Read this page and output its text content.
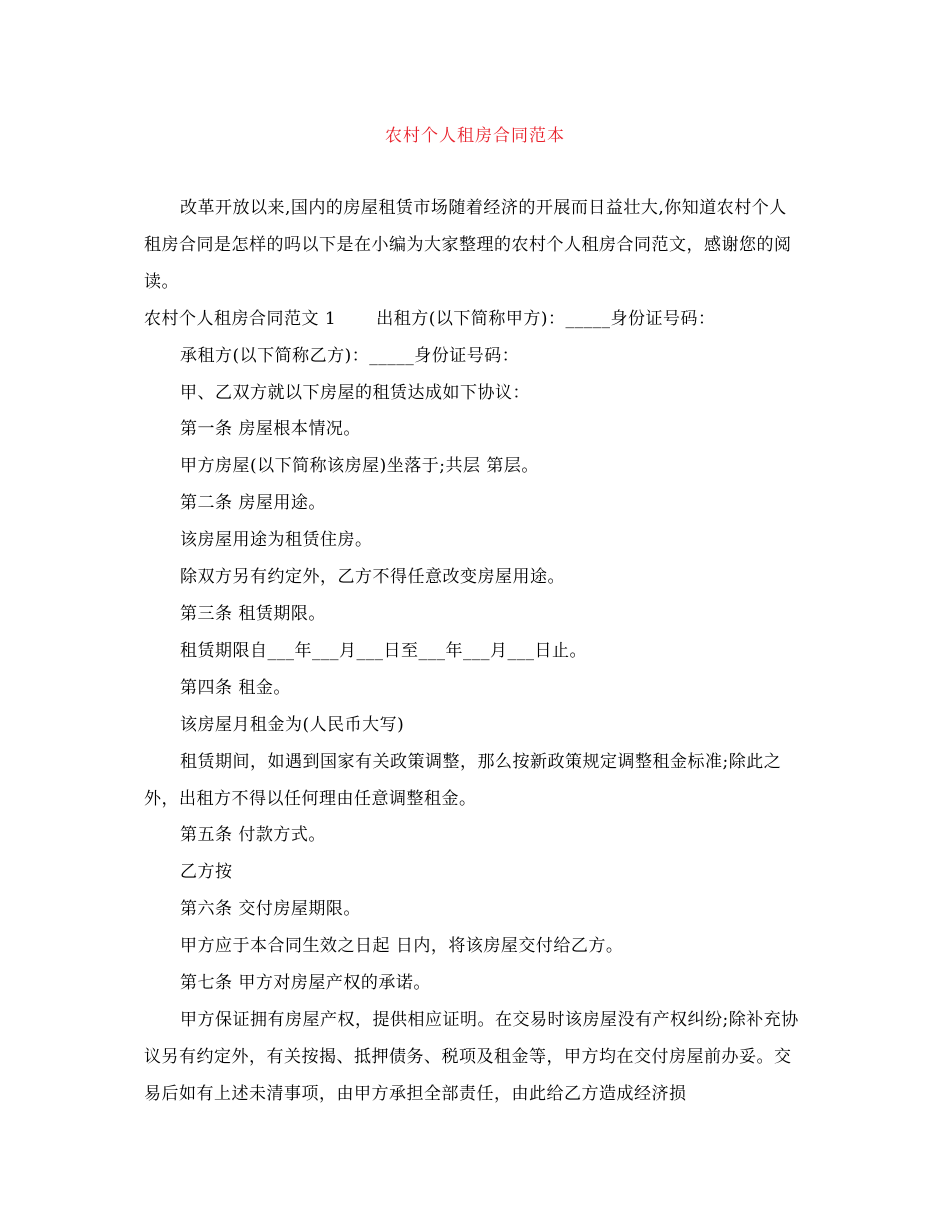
农村个人租房合同范本

改革开放以来,国内的房屋租赁市场随着经济的开展而日益壮大,你知道农村个人租房合同是怎样的吗以下是在小编为大家整理的农村个人租房合同范文，感谢您的阅读。

农村个人租房合同范文 1 出租方(以下简称甲方)：_____身份证号码：

承租方(以下简称乙方)：_____身份证号码：

甲、乙双方就以下房屋的租赁达成如下协议：

第一条 房屋根本情况。

甲方房屋(以下简称该房屋)坐落于;共层 第层。

第二条 房屋用途。

该房屋用途为租赁住房。

除双方另有约定外，乙方不得任意改变房屋用途。

第三条 租赁期限。

租赁期限自___年___月___日至___年___月___日止。

第四条 租金。

该房屋月租金为(人民币大写)

租赁期间，如遇到国家有关政策调整，那么按新政策规定调整租金标准;除此之外，出租方不得以任何理由任意调整租金。

第五条 付款方式。

乙方按

第六条 交付房屋期限。

甲方应于本合同生效之日起 日内，将该房屋交付给乙方。

第七条 甲方对房屋产权的承诺。

甲方保证拥有房屋产权，提供相应证明。在交易时该房屋没有产权纠纷;除补充协议另有约定外，有关按揭、抵押债务、税项及租金等，甲方均在交付房屋前办妥。交易后如有上述未清事项，由甲方承担全部责任，由此给乙方造成经济损
